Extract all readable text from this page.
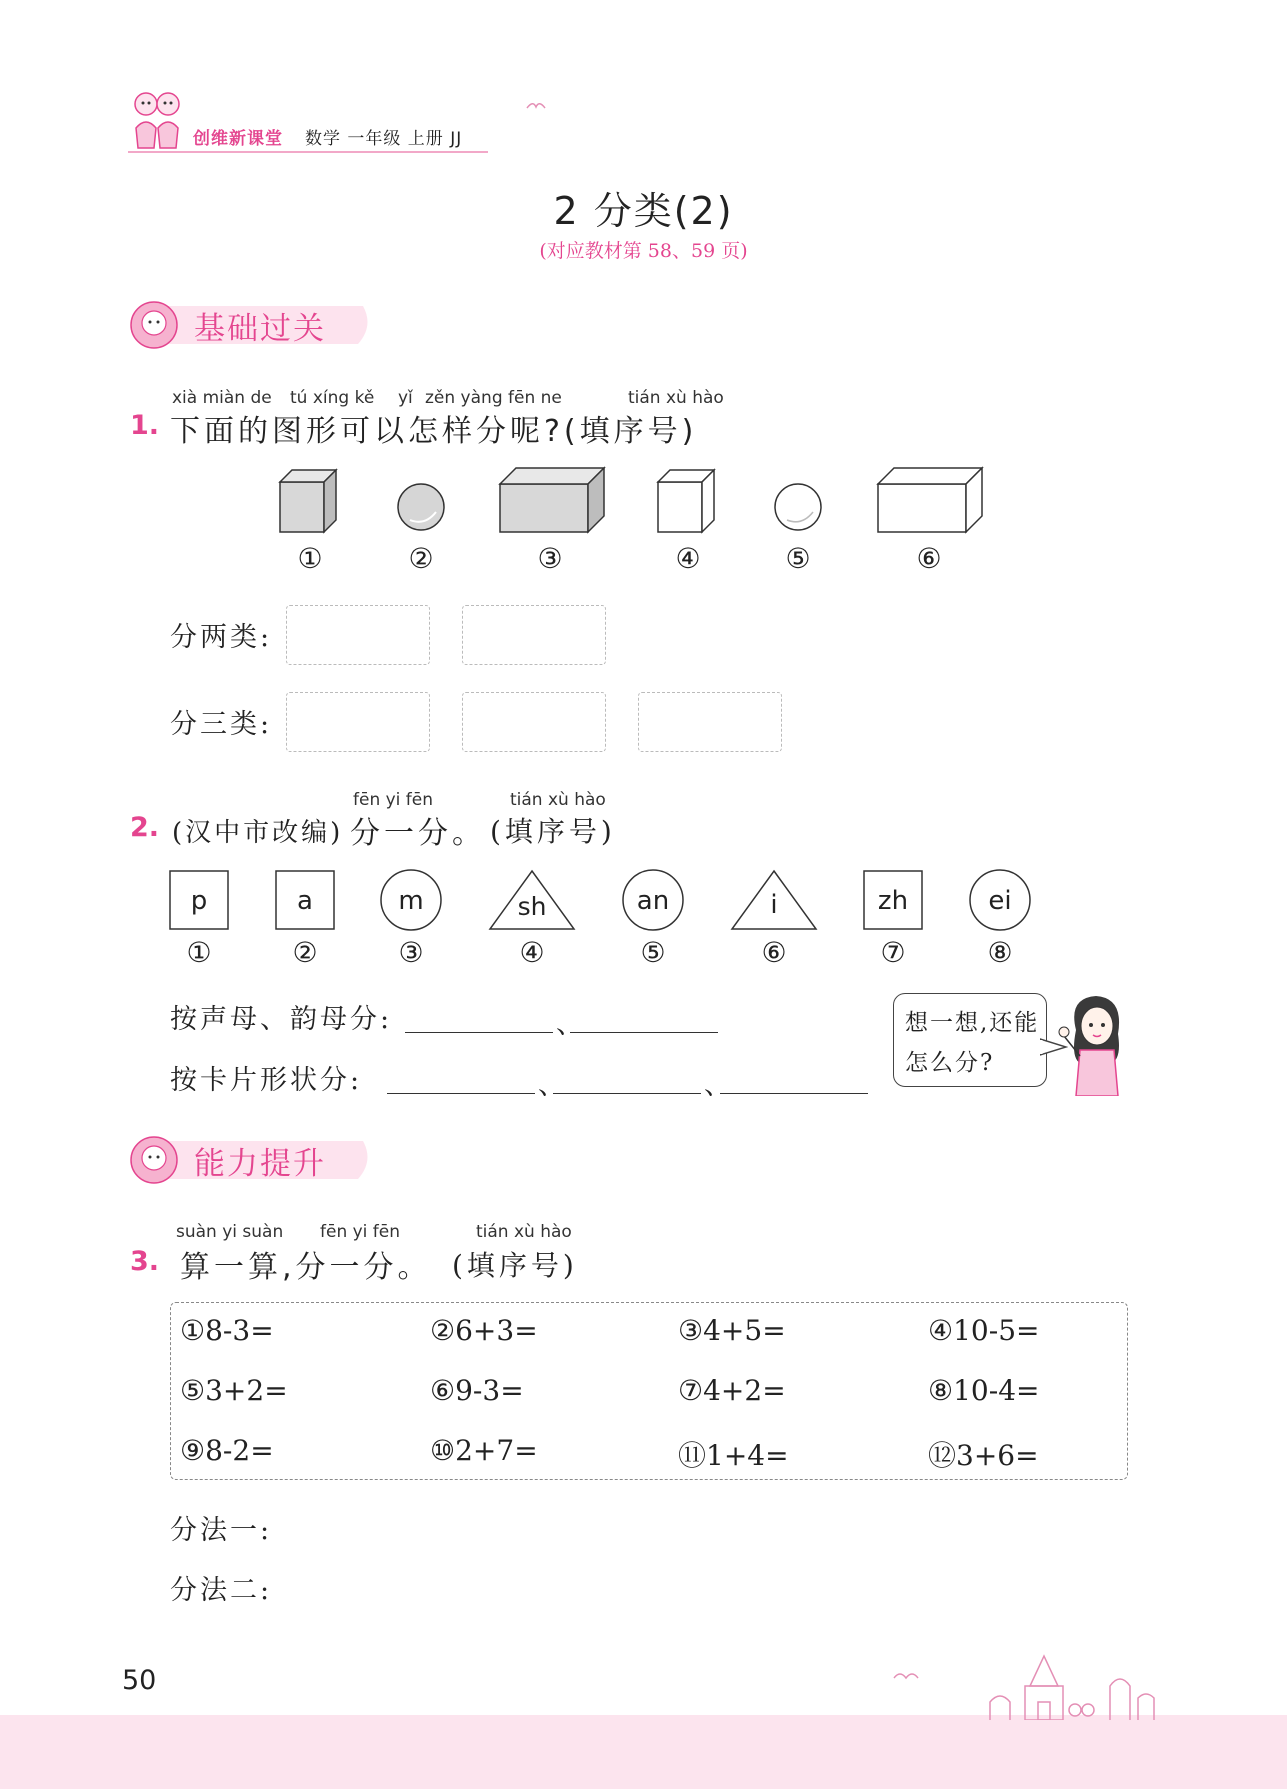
创维新课堂 数学 一年级 上册 JJ
2 分类(2)
(对应教材第 58、59 页)
基础过关
xià miàn de tú xíng kě yǐ zěn yàng fēn ne	tián xù hào
1. 下面的图形可以怎样分呢?(填序号)
①	②	③	④	⑤	⑥
分两类:
分三类:
fēn yi fēn	tián xù hào
2. (汉中市改编) 分一分。 (填序号)
p	a	m	sh	an	i	zh	ei
①	②	③	④	⑤	⑥	⑦	⑧
按声母、韵母分:	、
按卡片形状分:	、	、
想一想,还能怎么分?
能力提升
suàn yi suàn fēn yi fēn	tián xù hào
3. 算一算,分一分。 (填序号)
①8-3=	②6+3=	③4+5=	④10-5=
⑤3+2=	⑥9-3=	⑦4+2=	⑧10-4=
⑨8-2=	⑩2+7=	⑪1+4=	⑫3+6=
分法一:
分法二:
50
